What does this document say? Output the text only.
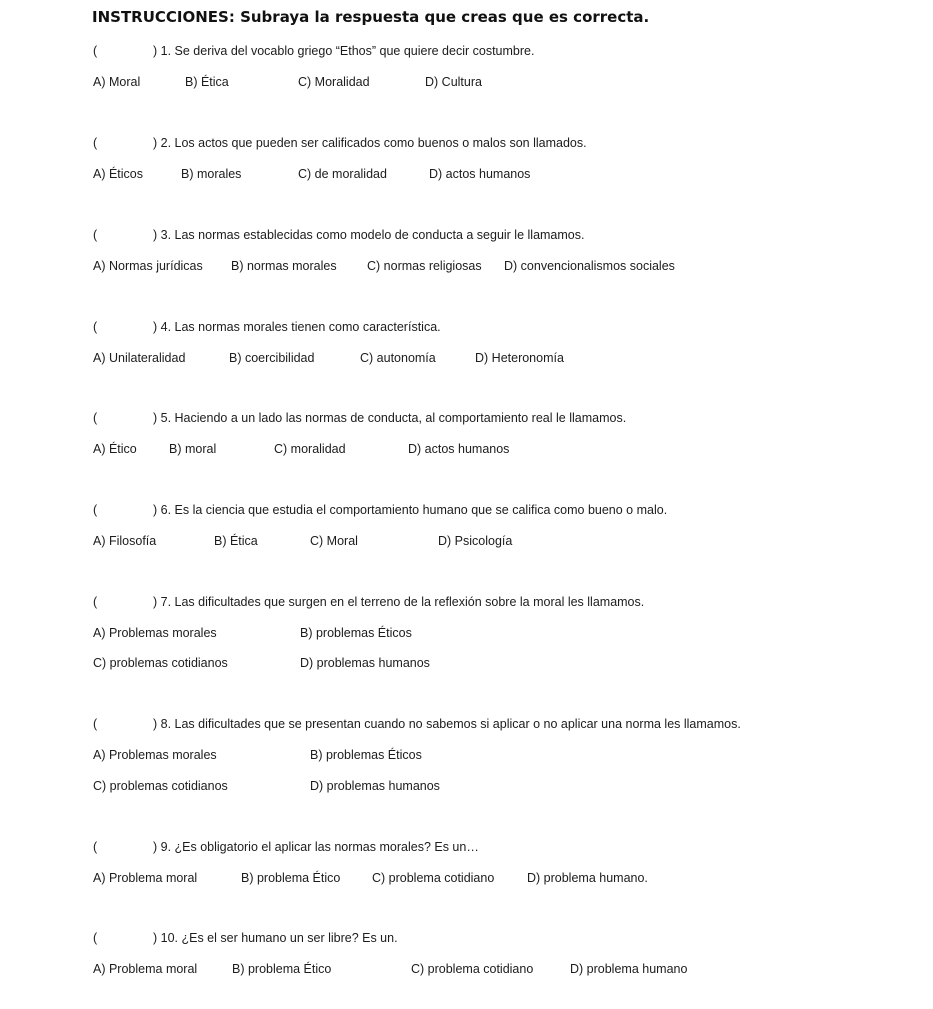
INSTRUCCIONES: Subraya la respuesta que creas que es correcta.
(	) 1. Se deriva del vocablo griego “Ethos” que quiere decir costumbre.
A) Moral	B) Ética	C) Moralidad	D) Cultura
(	) 2. Los actos que pueden ser calificados como buenos o malos son llamados.
A) Éticos	B) morales	C) de moralidad	D) actos humanos
(	) 3. Las normas establecidas como modelo de conducta a seguir le llamamos.
A) Normas jurídicas B) normas morales C) normas religiosas D) convencionalismos sociales
(	) 4. Las normas morales tienen como característica.
A) Unilateralidad	B) coercibilidad	C) autonomía	D) Heteronomía
(	) 5. Haciendo a un lado las normas de conducta, al comportamiento real le llamamos.
A) Ético	B) moral	C) moralidad	D) actos humanos
(	) 6. Es la ciencia que estudia el comportamiento humano que se califica como bueno o malo.
A) Filosofía	B) Ética	C) Moral	D) Psicología
(	) 7. Las dificultades que surgen en el terreno de la reflexión sobre la moral les llamamos.
A) Problemas morales	B) problemas Éticos
C) problemas cotidianos	D) problemas humanos
(	) 8. Las dificultades que se presentan cuando no sabemos si aplicar o no aplicar una norma les llamamos.
A) Problemas morales	B) problemas Éticos
C) problemas cotidianos	D) problemas humanos
(	) 9. ¿Es obligatorio el aplicar las normas morales? Es un…
A) Problema moral	B) problema Ético	C) problema cotidiano	D) problema humano.
(	) 10. ¿Es el ser humano un ser libre? Es un.
A) Problema moral	B) problema Ético	C) problema cotidiano	D) problema humano
